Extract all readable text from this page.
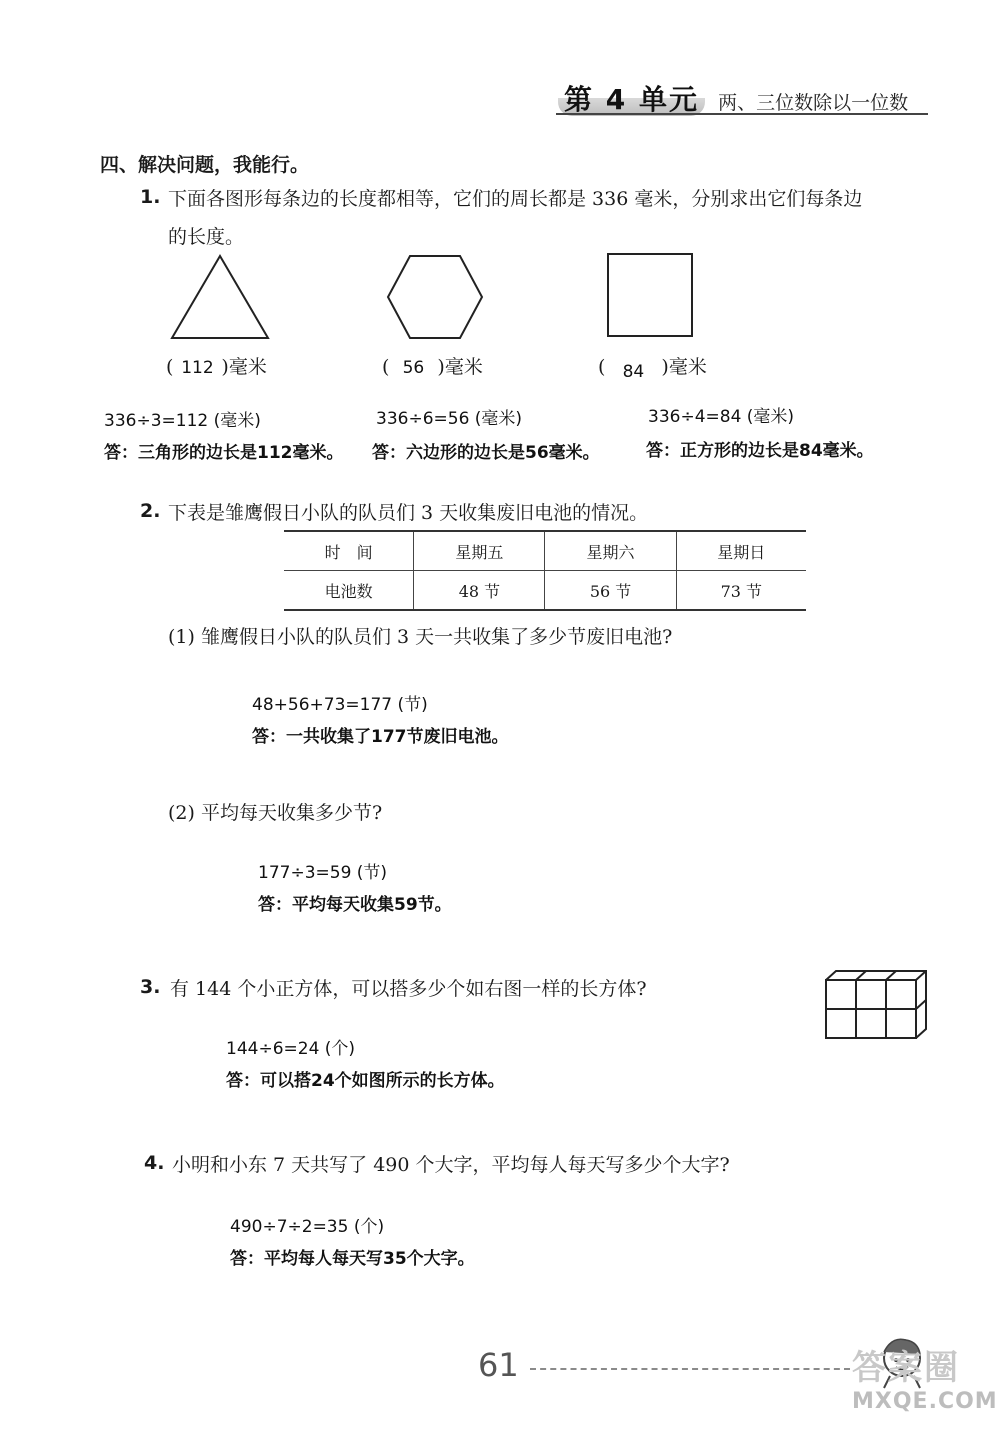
第 4 单元 两、三位数除以一位数
四、解决问题，我能行。
1. 下面各图形每条边的长度都相等，它们的周长都是 336 毫米，分别求出它们每条边
的长度。
( 112 )毫米	( 56 )毫米	( 84 )毫米
336÷3=112 (毫米)
答：三角形的边长是112毫米。
336÷6=56 (毫米)
答：六边形的边长是56毫米。
336÷4=84 (毫米)
答：正方形的边长是84毫米。
2. 下表是雏鹰假日小队的队员们 3 天收集废旧电池的情况。
时　间	星期五	星期六	星期日
电池数	48 节	56 节	73 节
(1) 雏鹰假日小队的队员们 3 天一共收集了多少节废旧电池?
48+56+73=177 (节)
答：一共收集了177节废旧电池。
(2) 平均每天收集多少节?
177÷3=59 (节)
答：平均每天收集59节。
3. 有 144 个小正方体，可以搭多少个如右图一样的长方体?
144÷6=24 (个)
答：可以搭24个如图所示的长方体。
4. 小明和小东 7 天共写了 490 个大字，平均每人每天写多少个大字?
490÷7÷2=35 (个)
答：平均每人每天写35个大字。
61	答案圈
MXQE.COM
